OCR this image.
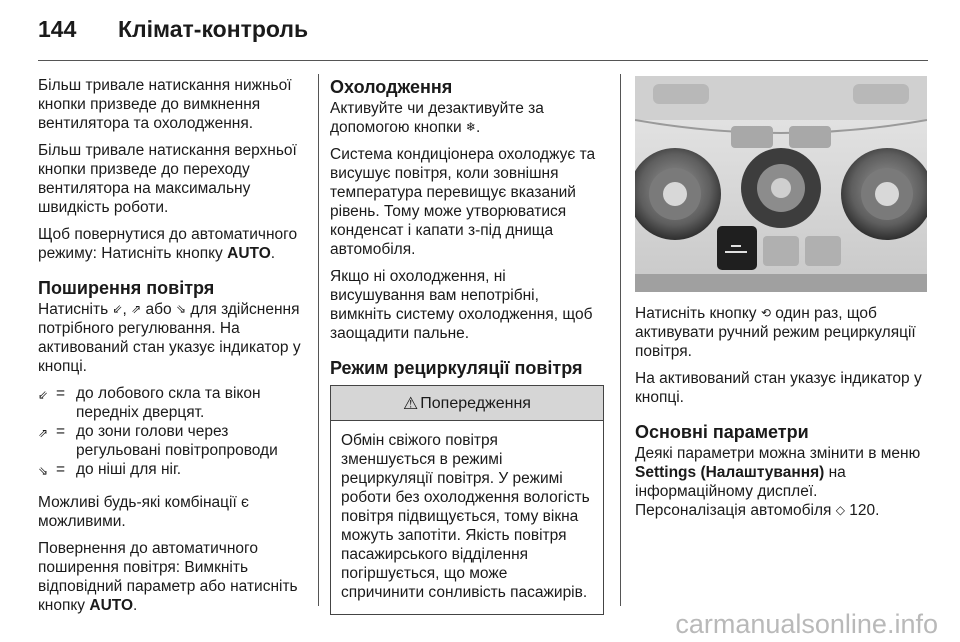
144 Клімат-контроль

Більш тривале натискання нижньої кнопки призведе до вимкнення вентилятора та охолодження.

Більш тривале натискання верхньої кнопки призведе до переходу вентилятора на максимальну швидкість роботи.

Щоб повернутися до автоматичного режиму: Натисніть кнопку AUTO.

Поширення повітря

Натисніть ⇙, ⇗ або ⇘ для здійснення потрібного регулювання. На активований стан указує індикатор у кнопці.

⇙ = до лобового скла та вікон передніх дверцят.
⇗ = до зони голови через регульовані повітропроводи
⇘ = до ніші для ніг.

Можливі будь-які комбінації є можливими.

Повернення до автоматичного поширення повітря: Вимкніть відповідний параметр або натисніть кнопку AUTO.

Охолодження

Активуйте чи дезактивуйте за допомогою кнопки ❄.

Система кондиціонера охолоджує та висушує повітря, коли зовнішня температура перевищує вказаний рівень. Тому може утворюватися конденсат і капати з-під днища автомобіля.

Якщо ні охолодження, ні висушування вам непотрібні, вимкніть систему охолодження, щоб заощадити пальне.

Режим рециркуляції повітря
⚠ Попередження
Обмін свіжого повітря зменшується в режимі рециркуляції повітря. У режимі роботи без охолодження вологість повітря підвищується, тому вікна можуть запотіти. Якість повітря пасажирського відділення погіршується, що може спричинити сонливість пасажирів.

Натисніть кнопку ⟲ один раз, щоб активувати ручний режим рециркуляції повітря.

На активований стан указує індикатор у кнопці.

Основні параметри

Деякі параметри можна змінити в меню Settings (Налаштування) на інформаційному дисплеї.

Персоналізація автомобіля ◇ 120.

carmanualsonline.info
